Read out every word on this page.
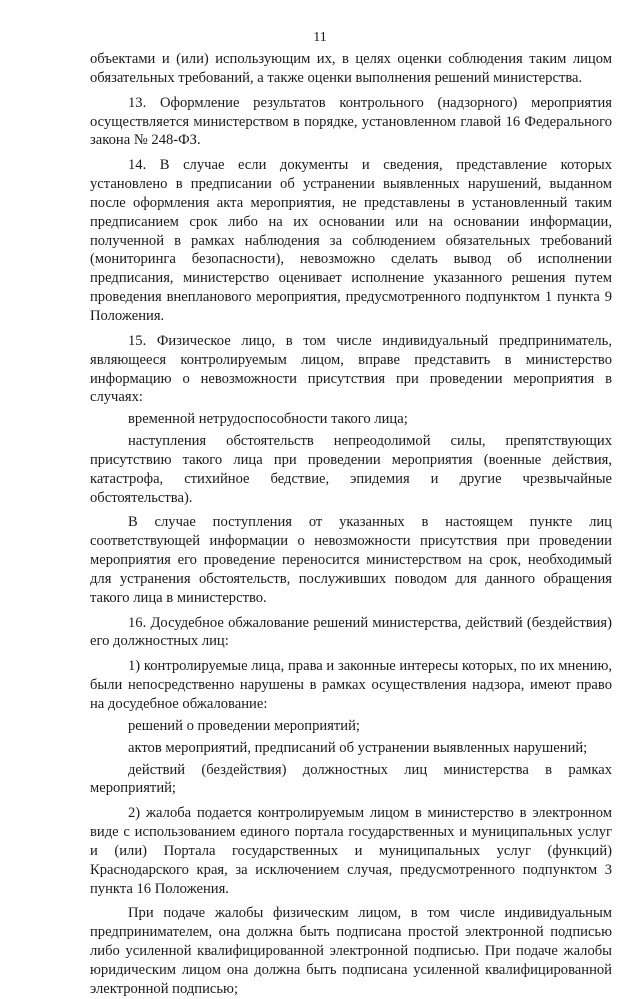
11

объектами и (или) использующим их, в целях оценки соблюдения таким лицом обязательных требований, а также оценки выполнения решений министерства.

13. Оформление результатов контрольного (надзорного) мероприятия осуществляется министерством в порядке, установленном главой 16 Федерального закона № 248-ФЗ.

14. В случае если документы и сведения, представление которых установлено в предписании об устранении выявленных нарушений, выданном после оформления акта мероприятия, не представлены в установленный таким предписанием срок либо на их основании или на основании информации, полученной в рамках наблюдения за соблюдением обязательных требований (мониторинга безопасности), невозможно сделать вывод об исполнении предписания, министерство оценивает исполнение указанного решения путем проведения внепланового мероприятия, предусмотренного подпунктом 1 пункта 9 Положения.

15. Физическое лицо, в том числе индивидуальный предприниматель, являющееся контролируемым лицом, вправе представить в министерство информацию о невозможности присутствия при проведении мероприятия в случаях:

временной нетрудоспособности такого лица;

наступления обстоятельств непреодолимой силы, препятствующих присутствию такого лица при проведении мероприятия (военные действия, катастрофа, стихийное бедствие, эпидемия и другие чрезвычайные обстоятельства).

В случае поступления от указанных в настоящем пункте лиц соответствующей информации о невозможности присутствия при проведении мероприятия его проведение переносится министерством на срок, необходимый для устранения обстоятельств, послуживших поводом для данного обращения такого лица в министерство.

16. Досудебное обжалование решений министерства, действий (бездействия) его должностных лиц:

1) контролируемые лица, права и законные интересы которых, по их мнению, были непосредственно нарушены в рамках осуществления надзора, имеют право на досудебное обжалование:

решений о проведении мероприятий;

актов мероприятий, предписаний об устранении выявленных нарушений;

действий (бездействия) должностных лиц министерства в рамках мероприятий;

2) жалоба подается контролируемым лицом в министерство в электронном виде с использованием единого портала государственных и муниципальных услуг и (или) Портала государственных и муниципальных услуг (функций) Краснодарского края, за исключением случая, предусмотренного подпунктом 3 пункта 16 Положения.

При подаче жалобы физическим лицом, в том числе индивидуальным предпринимателем, она должна быть подписана простой электронной подписью либо усиленной квалифицированной электронной подписью. При подаче жалобы юридическим лицом она должна быть подписана усиленной квалифицированной электронной подписью;
